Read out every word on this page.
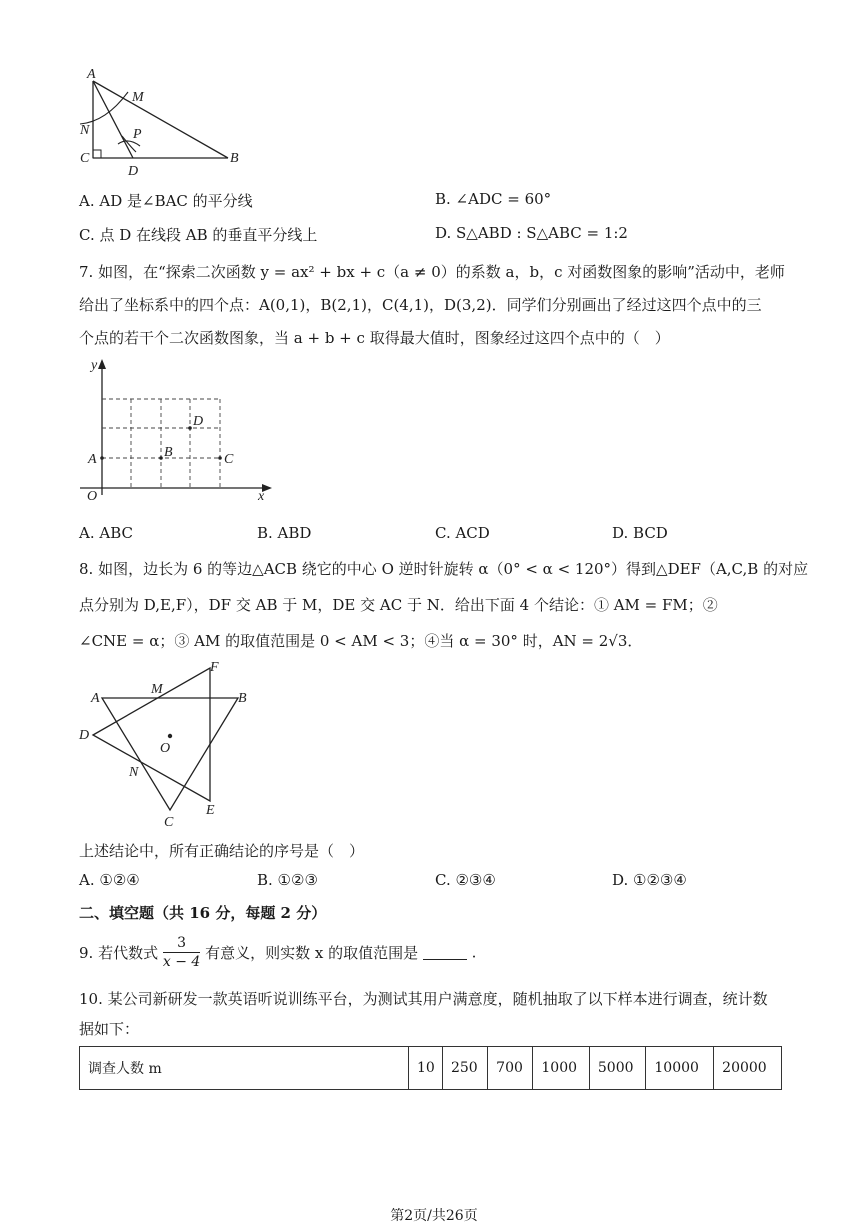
A
M
N	P
C
D
B
A. AD 是∠BAC 的平分线	B. ∠ADC = 60°
C. 点 D 在线段 AB 的垂直平分线上	D. S△ABD : S△ABC = 1:2
7. 如图，在“探索二次函数 y = ax² + bx + c（a ≠ 0）的系数 a，b，c 对函数图象的影响”活动中，老师
给出了坐标系中的四个点：A(0,1)，B(2,1)，C(4,1)，D(3,2)．同学们分别画出了经过这四个点中的三
个点的若干个二次函数图象，当 a + b + c 取得最大值时，图象经过这四个点中的（　）
y
x
O
A	B	C
D
A. ABC	B. ABD	C. ACD	D. BCD
8. 如图，边长为 6 的等边△ACB 绕它的中心 O 逆时针旋转 α（0° < α < 120°）得到△DEF（A,C,B 的对应
点分别为 D,E,F），DF 交 AB 于 M，DE 交 AC 于 N．给出下面 4 个结论：① AM = FM；②
∠CNE = α；③ AM 的取值范围是 0 < AM < 3；④当 α = 30° 时，AN = 2√3．
A
M
F
B
D
O
N
C
E
上述结论中，所有正确结论的序号是（　）
A. ①②④	B. ①②③	C. ②③④	D. ①②③④
二、填空题（共 16 分，每题 2 分）
9. 若代数式 $\frac{3}{x - 4}$ 有意义，则实数 x 的取值范围是	.
10. 某公司新研发一款英语听说训练平台，为测试其用户满意度，随机抽取了以下样本进行调查，统计数
据如下：
调查人数 m	10	250	700	1000	5000	10000	20000
第2页/共26页
